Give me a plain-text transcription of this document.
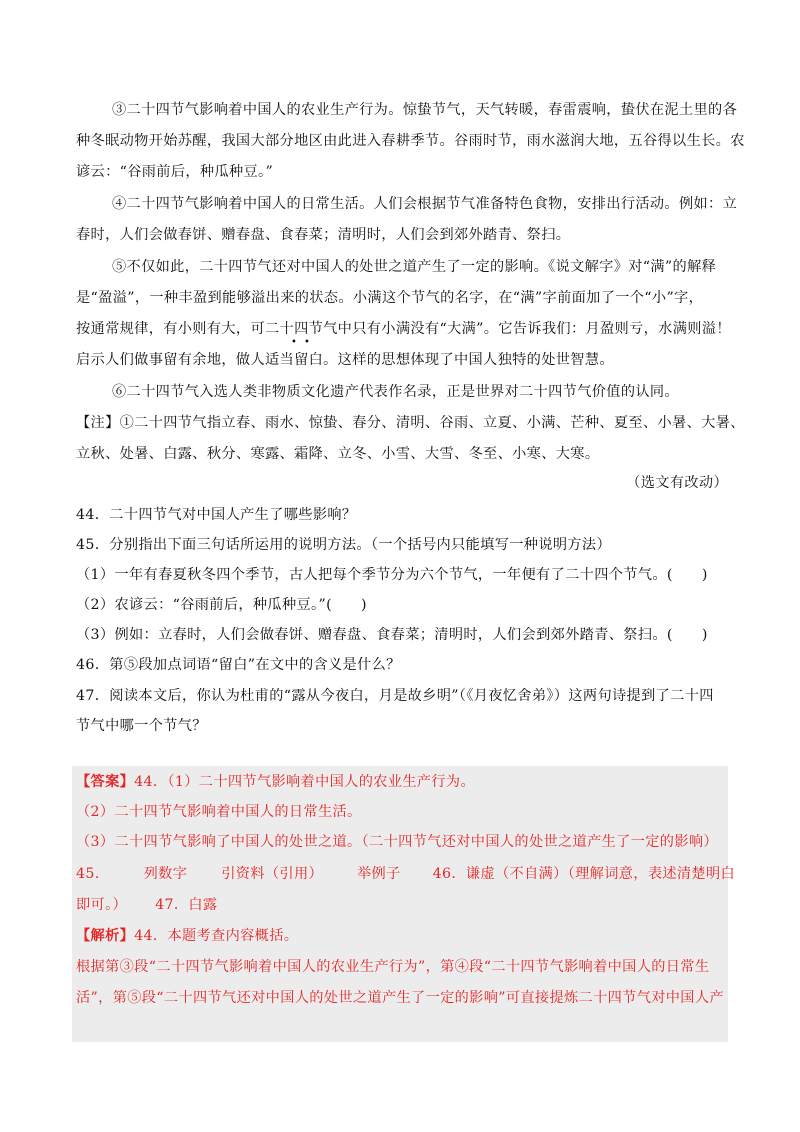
③二十四节气影响着中国人的农业生产行为。惊蛰节气，天气转暖，春雷震响，蛰伏在泥土里的各
种冬眠动物开始苏醒，我国大部分地区由此进入春耕季节。谷雨时节，雨水滋润大地，五谷得以生长。农
谚云：“谷雨前后，种瓜种豆。”
④二十四节气影响着中国人的日常生活。人们会根据节气准备特色食物，安排出行活动。例如：立
春时，人们会做春饼、赠春盘、食春菜；清明时，人们会到郊外踏青、祭扫。
⑤不仅如此，二十四节气还对中国人的处世之道产生了一定的影响。《说文解字》对“满”的解释
是“盈溢”，一种丰盈到能够溢出来的状态。小满这个节气的名字，在“满”字前面加了一个“小”字，
按通常规律，有小则有大，可二十四节气中只有小满没有“大满”。它告诉我们：月盈则亏，水满则溢！
• •
启示人们做事留有余地，做人适当留白。这样的思想体现了中国人独特的处世智慧。
⑥二十四节气入选人类非物质文化遗产代表作名录，正是世界对二十四节气价值的认同。
【注】①二十四节气指立春、雨水、惊蛰、春分、清明、谷雨、立夏、小满、芒种、夏至、小暑、大暑、
立秋、处暑、白露、秋分、寒露、霜降、立冬、小雪、大雪、冬至、小寒、大寒。
（选文有改动）
44．二十四节气对中国人产生了哪些影响？
45．分别指出下面三句话所运用的说明方法。（一个括号内只能填写一种说明方法）
（1）一年有春夏秋冬四个季节，古人把每个季节分为六个节气，一年便有了二十四个节气。(　　)
（2）农谚云：“谷雨前后，种瓜种豆。”(　　)
（3）例如：立春时，人们会做春饼、赠春盘、食春菜；清明时，人们会到郊外踏青、祭扫。(　　)
46．第⑤段加点词语“留白”在文中的含义是什么？
47．阅读本文后，你认为杜甫的“露从今夜白，月是故乡明”（《月夜忆舍弟》）这两句诗提到了二十四
节气中哪一个节气？
【答案】44．（1）二十四节气影响着中国人的农业生产行为。
（2）二十四节气影响着中国人的日常生活。
（3）二十四节气影响了中国人的处世之道。（二十四节气还对中国人的处世之道产生了一定的影响）
45.	列数字 引资料（引用） 举例子 46．谦虚（不自满）（理解词意，表述清楚明白
即可。） 47．白露
【解析】44．本题考查内容概括。
根据第③段“二十四节气影响着中国人的农业生产行为”，第④段“二十四节气影响着中国人的日常生
活”，第⑤段“二十四节气还对中国人的处世之道产生了一定的影响”可直接提炼二十四节气对中国人产
